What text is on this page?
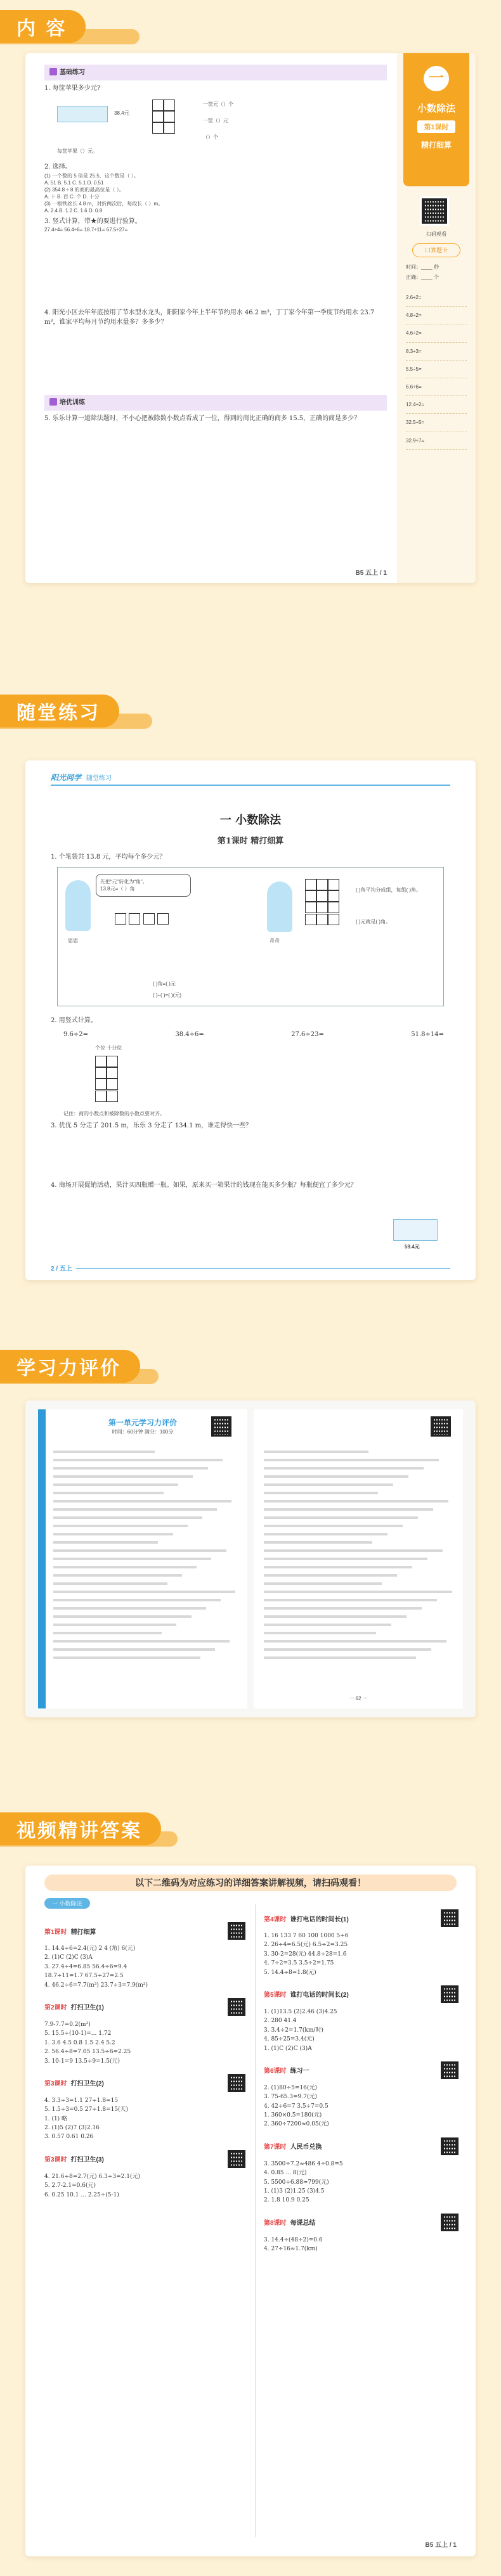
内 容
一
小数除法
第1课时
精打细算
扫码观看
口算题卡
时间：____ 秒
正确：____ 个
2.6÷2=
4.8÷2=
4.6÷2=
8.3÷3=
5.5÷5=
6.6÷6=
12.4÷2=
32.5÷5=
32.9÷7=
基础练习
1. 每筐苹果多少元?
38.4元

一筐元（）个
一筐（）元
（）个
每筐苹果（）元。
2. 选择。
(1) 一个数的 5 倍是 25.5，这个数是（ ）。
A. 51 B. 5.1 C. 5.1 D. 0.51
(2) 354.8 ÷ 8 的商的最高位是（ ）。
A. 十 B. 百 C. 个 D. 十分
(3) 一根铁丝长 4.8 m，对折两次后，每段长（ ）m。
A. 2.4 B. 1.2 C. 1.6 D. 0.8
3. 竖式计算，带★的要进行验算。
27.4÷4= 56.4÷6= 18.7÷11= 67.5÷27=
4. 阳光小区去年年底按用了节水型水龙头，阳阳家今年上半年节约用水 46.2 m³，丁丁家今年第一季度节约用水 23.7 m³，谁家平均每月节约用水量多？多多少？
培优训练
5. 乐乐计算一道除法题时，不小心把被除数小数点看成了一位，得到的商比正确的商多 15.5，正确的商是多少？
B5 五上 / 1
随堂练习
阳光同学 随堂练习
一 小数除法
第1课时 精打细算
1. 个笔袋共 13.8 元，平均每个多少元？
思思
先把“元”转化为“角”。
13.8元=（ ）角

( )角=( )元
( )÷( )=( )(元)
奇奇

( )角平均分成组，每组( )角。
( )元就是( )角。
2. 用竖式计算。
9.6÷2=	38.4÷6=	27.6÷23=	51.8÷14=
个位 十分位

记住：商的小数点和被除数的小数点要对齐。
3. 优优 5 分走了 201.5 m，乐乐 3 分走了 134.1 m，谁走得快一些？
4. 商场开展促销活动，果汁买四瓶赠一瓶。如果，原来买一箱果汁的钱现在能买多少瓶？每瓶便宜了多少元？
59.4元
2 / 五上
学习力评价
第一单元学习力评价
时间：60分钟 满分：100分
一 62 一
视频精讲答案
以下二维码为对应练习的详细答案讲解视频，请扫码观看！
一 小数除法
第1课时 精打细算
1. 14.4÷6=2.4(元) 2 4 (角) 6(元)
2. (1)C (2)C (3)A
3. 27.4÷4=6.85 56.4÷6=9.4
18.7÷11=1.7 67.5÷27=2.5
4. 46.2÷6=7.7(m³) 23.7÷3=7.9(m³)
第2课时 打扫卫生(1)
7.9-7.7=0.2(m³)
5. 15.5÷(10-1)=... 1.72
1. 3.6 4.5 0.8 1.5 2.4 5.2
2. 56.4÷8=7.05 13.5÷6=2.25
3. 10-1=9 13.5÷9=1.5(元)
第3课时 打扫卫生(2)
4. 3.3÷3=1.1 27÷1.8=15
5. 1.5÷3=0.5 27÷1.8=15(天)
1. (1) 略
2. (1)5 (2)7 (3)2.16
3. 0.57 0.61 0.26
第3课时 打扫卫生(3)
4. 21.6÷8=2.7(元) 6.3÷3=2.1(元)
5. 2.7-2.1=0.6(元)
6. 0.25 10.1 ... 2.25÷(5-1)
第4课时 谁打电话的时间长(1)
1. 16 133 7 60 100 1000 5÷6
2. 26÷4=6.5(元) 6.5÷2=3.25
3. 30-2=28(元) 44.8÷28=1.6
4. 7÷2=3.5 3.5÷2=1.75
5. 14.4÷8=1.8(元)
第5课时 谁打电话的时间长(2)
1. (1)13.5 (2)2.46 (3)4.25
2. 280 41.4
3. 3.4÷2=1.7(km/时)
4. 85÷25=3.4(元)
1. (1)C (2)C (3)A
第6课时 练习一
2. (1)80÷5=16(元)
3. 75-65.3=9.7(元)
4. 42÷6=7 3.5÷7=0.5
1. 360×0.5=180(元)
2. 360÷7200≈0.05(元)
第7课时 人民币兑换
3. 3500÷7.2≈486 4÷0.8=5
4. 0.85 ... 8(元)
5. 5500÷6.88≈799(元)
1. (1)3 (2)1.25 (3)4.5
2. 1.8 10.9 0.25
第8课时 每课总结
3. 14.4÷(48÷2)=0.6
4. 27÷16≈1.7(km)
B5 五上 / 1
